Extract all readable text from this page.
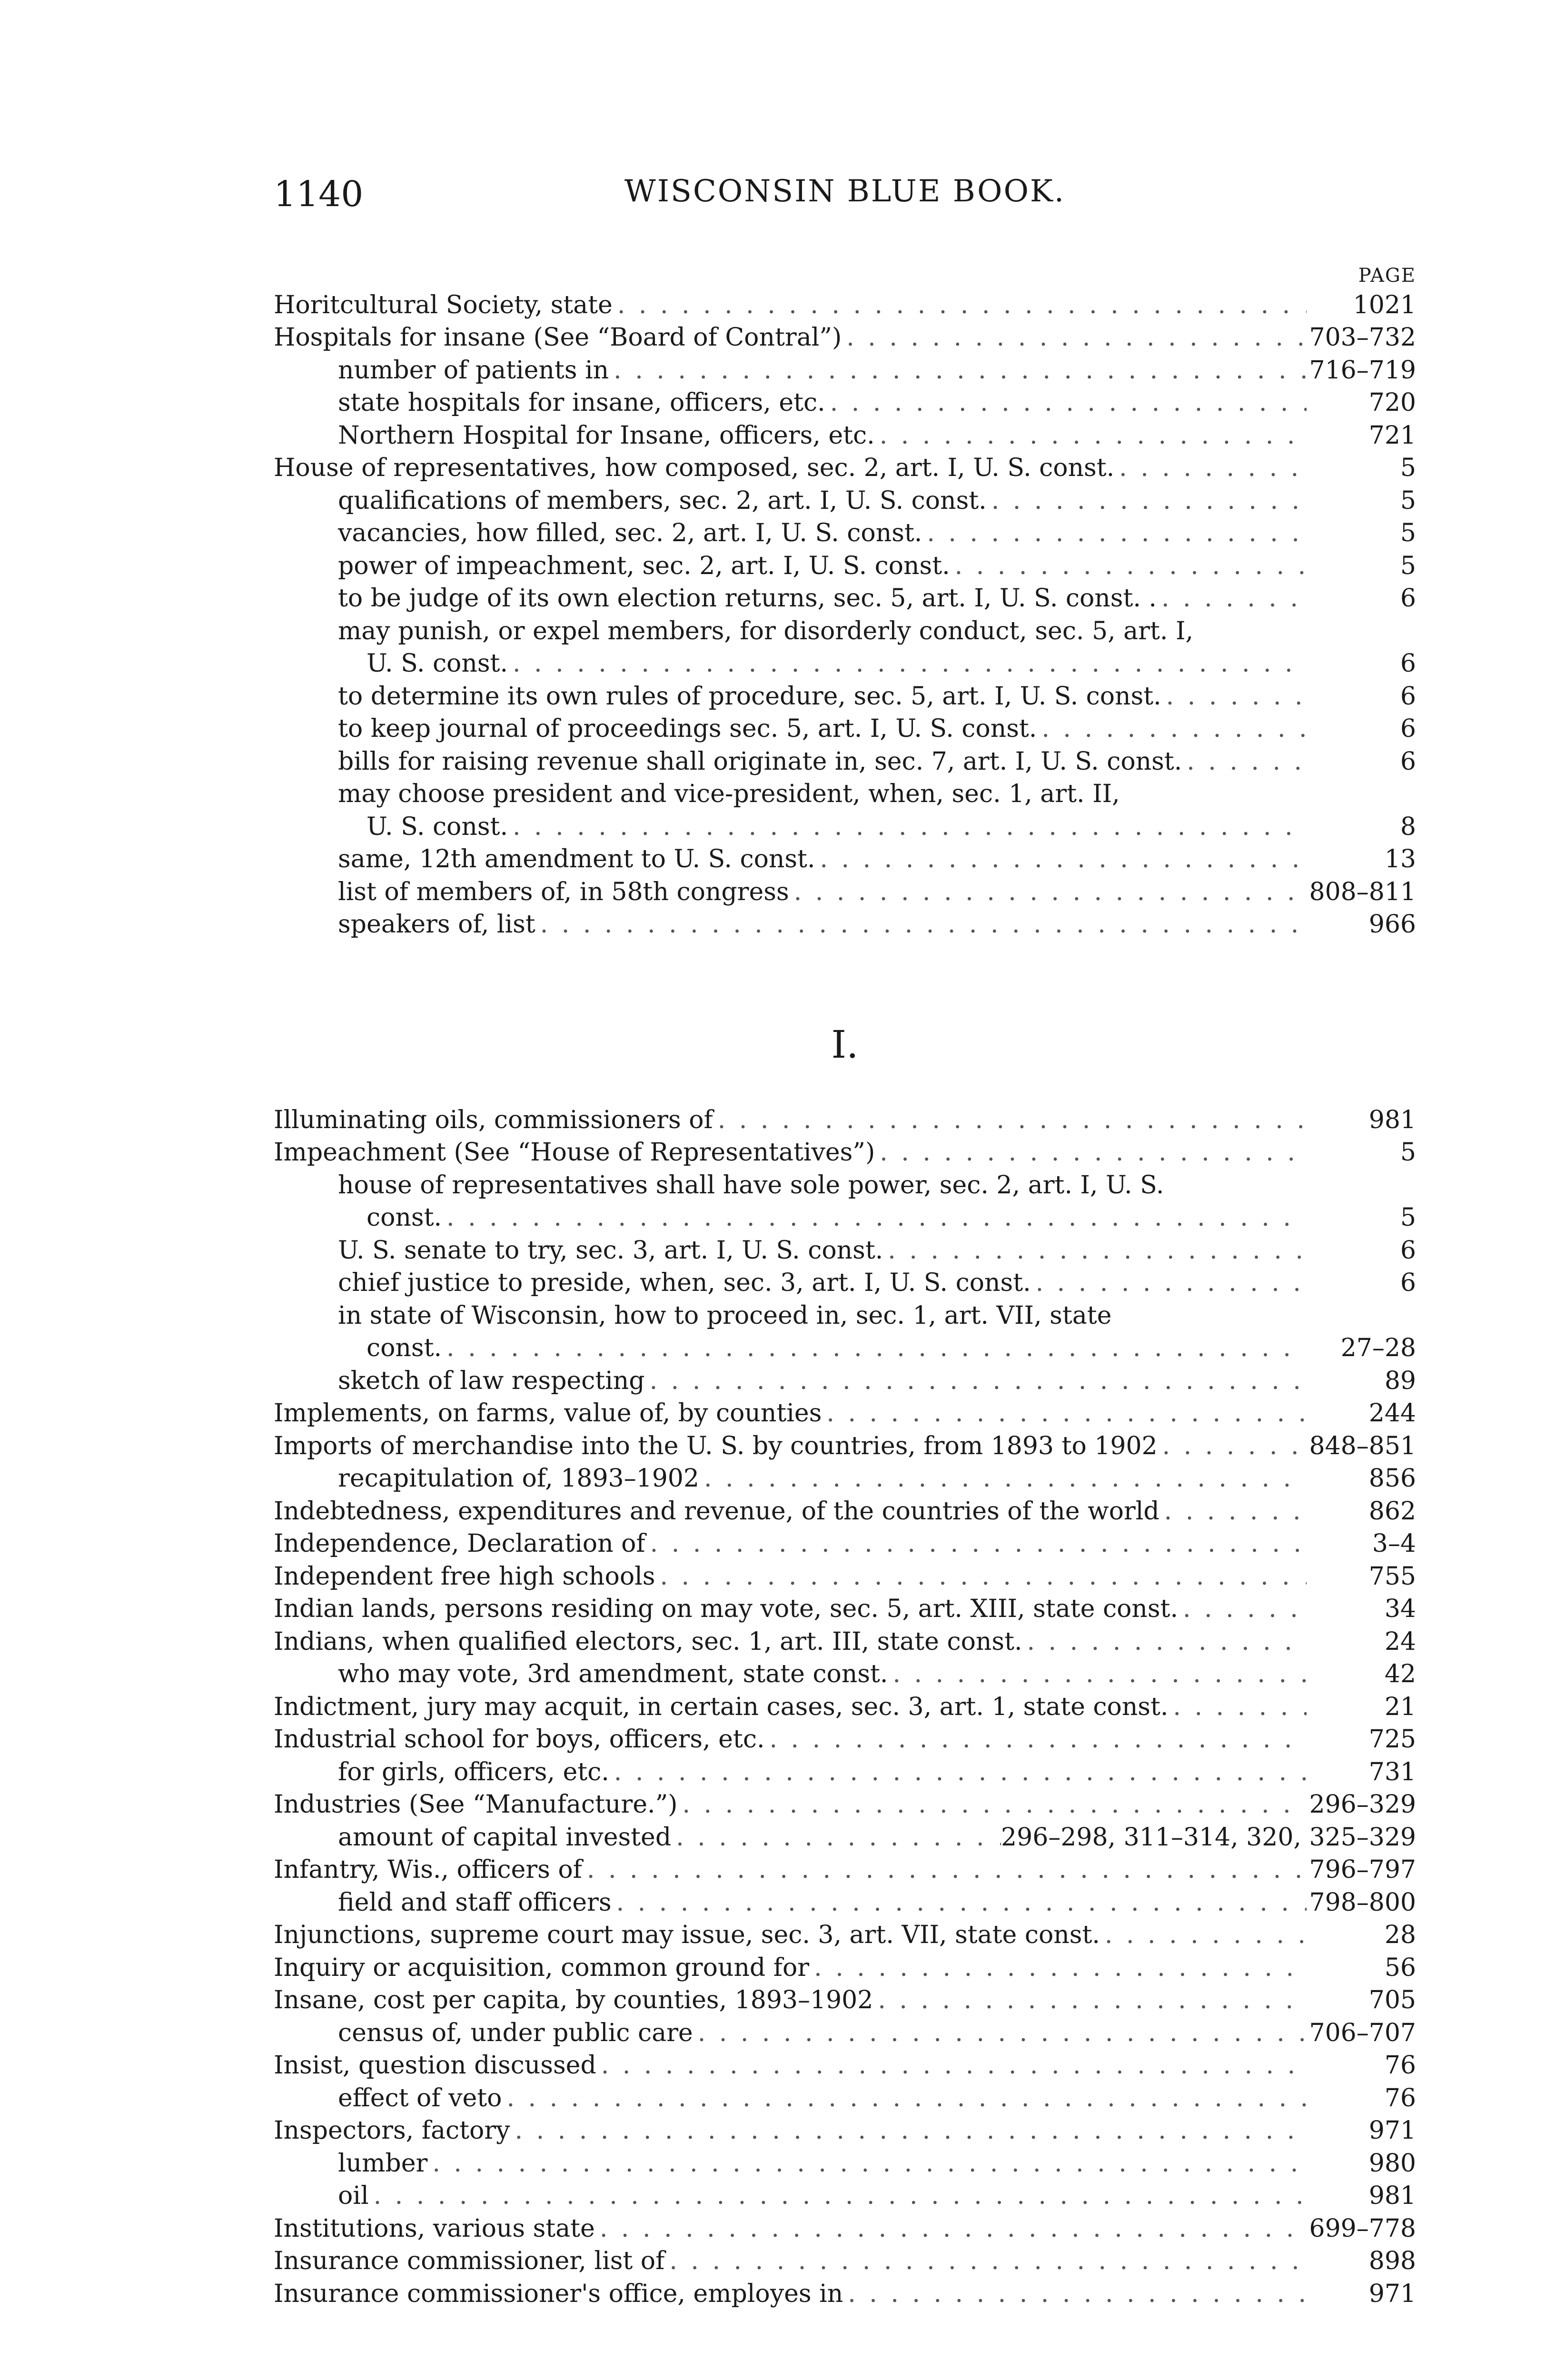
1140	WISCONSIN BLUE BOOK.
PAGE
Horitcultural Society, state . . .	1021
Hospitals for insane (See “Board of Contral”) . . .	703–732
number of patients in . . .	716–719
state hospitals for insane, officers, etc. . . .	720
Northern Hospital for Insane, officers, etc. . . .	721
House of representatives, how composed, sec. 2, art. I, U. S. const. . . .	5
qualifications of members, sec. 2, art. I, U. S. const. . . .	5
vacancies, how filled, sec. 2, art. I, U. S. const. . . .	5
power of impeachment, sec. 2, art. I, U. S. const. . . .	5
to be judge of its own election returns, sec. 5, art. I, U. S. const. . . . .	6
may punish, or expel members, for disorderly conduct, sec. 5, art. I,
U. S. const. . . .	6
to determine its own rules of procedure, sec. 5, art. I, U. S. const. . . .	6
to keep journal of proceedings sec. 5, art. I, U. S. const. . . .	6
bills for raising revenue shall originate in, sec. 7, art. I, U. S. const. . . .	6
may choose president and vice-president, when, sec. 1, art. II,
U. S. const. . . .	8
same, 12th amendment to U. S. const. . . .	13
list of members of, in 58th congress . . .	808–811
speakers of, list . . .	966
I.
Illuminating oils, commissioners of . . .	981
Impeachment (See “House of Representatives”) . . .	5
house of representatives shall have sole power, sec. 2, art. I, U. S.
const. . . .	5
U. S. senate to try, sec. 3, art. I, U. S. const. . . .	6
chief justice to preside, when, sec. 3, art. I, U. S. const. . . .	6
in state of Wisconsin, how to proceed in, sec. 1, art. VII, state
const. . . .	27–28
sketch of law respecting . . .	89
Implements, on farms, value of, by counties . . .	244
Imports of merchandise into the U. S. by countries, from 1893 to 1902 . . .	848–851
recapitulation of, 1893–1902 . . .	856
Indebtedness, expenditures and revenue, of the countries of the world . . .	862
Independence, Declaration of . . .	3–4
Independent free high schools . . .	755
Indian lands, persons residing on may vote, sec. 5, art. XIII, state const. . . .	34
Indians, when qualified electors, sec. 1, art. III, state const. . . .	24
who may vote, 3rd amendment, state const. . . .	42
Indictment, jury may acquit, in certain cases, sec. 3, art. 1, state const. . . .	21
Industrial school for boys, officers, etc. . . .	725
for girls, officers, etc. . . .	731
Industries (See “Manufacture.”) . . .	296–329
amount of capital invested . . .	296–298, 311–314, 320, 325–329
Infantry, Wis., officers of . . .	796–797
field and staff officers . . .	798–800
Injunctions, supreme court may issue, sec. 3, art. VII, state const. . . .	28
Inquiry or acquisition, common ground for . . .	56
Insane, cost per capita, by counties, 1893–1902 . . .	705
census of, under public care . . .	706–707
Insist, question discussed . . .	76
effect of veto . . .	76
Inspectors, factory . . .	971
lumber . . .	980
oil . . .	981
Institutions, various state . . .	699–778
Insurance commissioner, list of . . .	898
Insurance commissioner's office, employes in . . .	971
